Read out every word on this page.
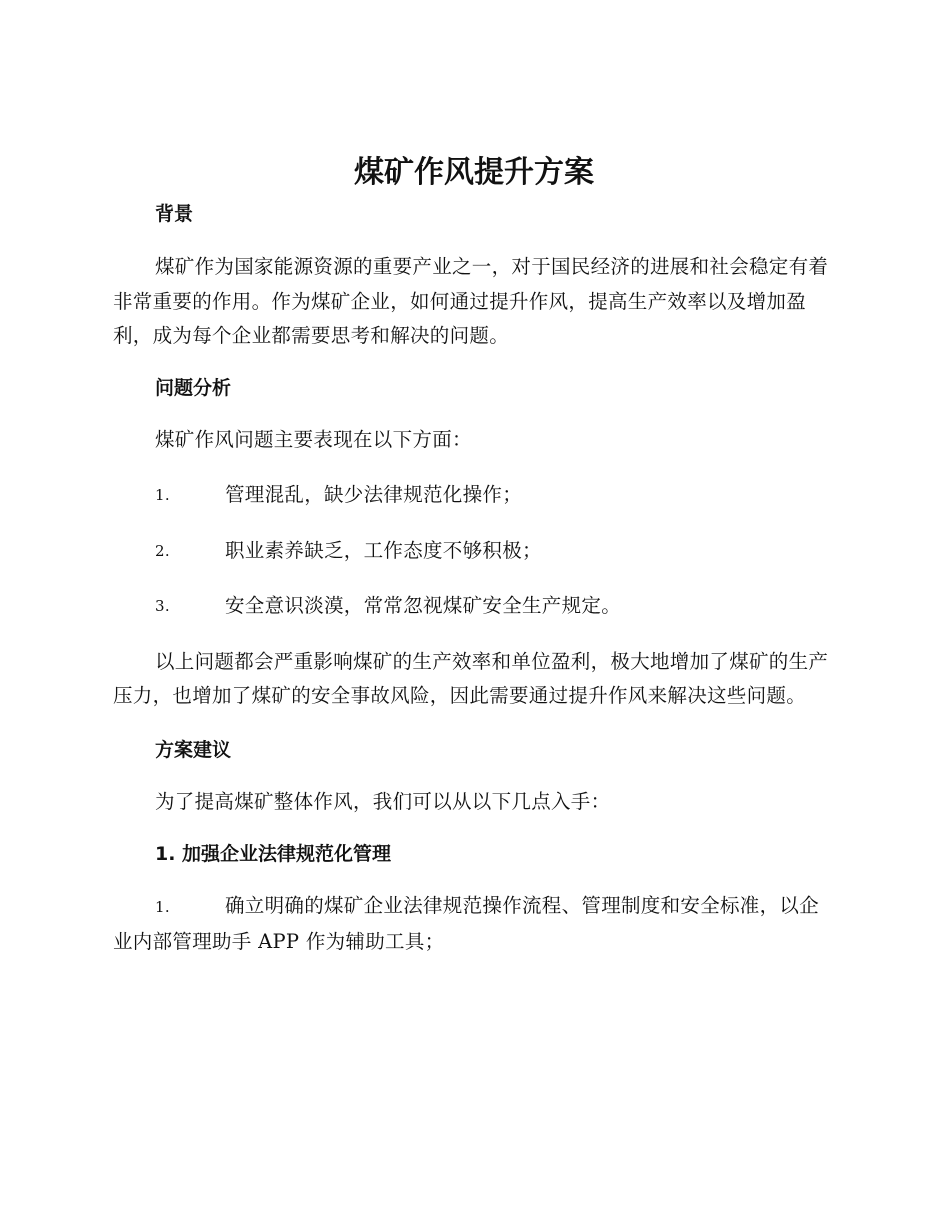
煤矿作风提升方案

背景

煤矿作为国家能源资源的重要产业之一，对于国民经济的进展和社会稳定有着非常重要的作用。作为煤矿企业，如何通过提升作风，提高生产效率以及增加盈利，成为每个企业都需要思考和解决的问题。

问题分析

煤矿作风问题主要表现在以下方面：

1.	管理混乱，缺少法律规范化操作；

2.	职业素养缺乏，工作态度不够积极；

3.	安全意识淡漠，常常忽视煤矿安全生产规定。

以上问题都会严重影响煤矿的生产效率和单位盈利，极大地增加了煤矿的生产压力，也增加了煤矿的安全事故风险，因此需要通过提升作风来解决这些问题。

方案建议

为了提高煤矿整体作风，我们可以从以下几点入手：

1. 加强企业法律规范化管理

1.	确立明确的煤矿企业法律规范操作流程、管理制度和安全标准，以企业内部管理助手 APP 作为辅助工具；
